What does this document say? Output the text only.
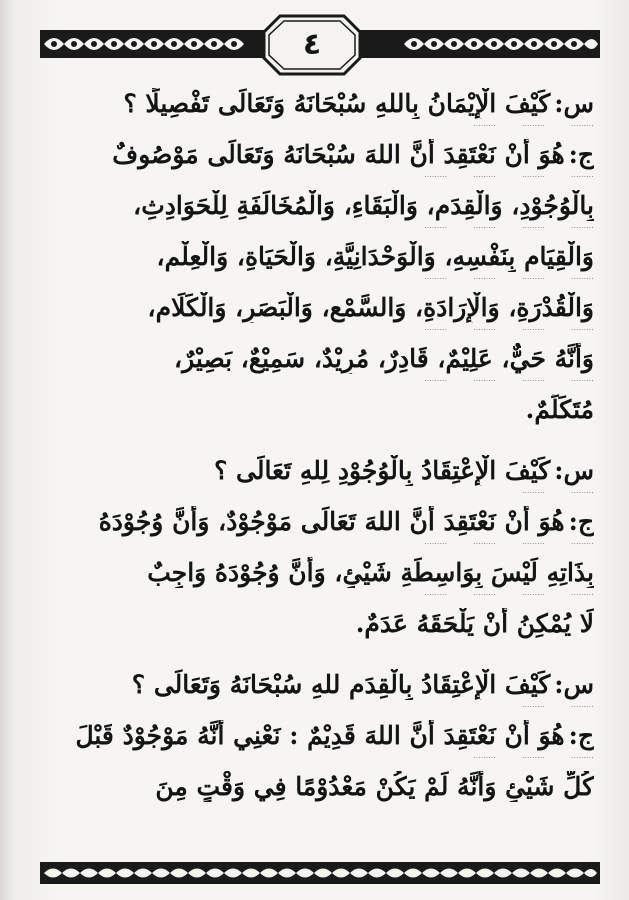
٤
س:كَيْفَ الْإِيْمَانُ بِاللهِ سُبْحَانَهُ وَتَعَالَى تَفْصِيلًا ؟
...........................
ج:هُوَ أَنْ نَعْتَقِدَ أَنَّ اللهَ سُبْحَانَهُ وَتَعَالَى مَوْصُوفٌ
....................................
بِالْوُجُوْدِ، وَالْقِدَمِ، وَالْبَقَاءِ، وَالْمُخَالَفَةِ لِلْحَوَادِثِ،
....................................
وَالْقِيَامِ بِنَفْسِهِ، وَالْوَحْدَانِيَّةِ، وَالْحَيَاةِ، وَالْعِلْمِ،
....................................
وَالْقُدْرَةِ، وَالْإِرَادَةِ، وَالسَّمْعِ، وَالْبَصَرِ، وَالْكَلَامِ،
....................................
وَأَنَّهُ حَيٌّ، عَلِيْمٌ، قَادِرٌ، مُرِيْدٌ، سَمِيْعٌ، بَصِيْرٌ،
....................................
مُتَكَلِّمٌ.
س:كَيْفَ الْإِعْتِقَادُ بِالْوُجُوْدِ لِلهِ تَعَالَى ؟
..................
ج:هُوَ أَنْ نَعْتَقِدَ أَنَّ اللهَ تَعَالَى مَوْجُوْدٌ، وَأَنَّ وُجُوْدَهُ
....................................
بِذَاتِهِ لَيْسَ بِوَاسِطَةِ شَيْئٍ، وَأَنَّ وُجُوْدَهُ وَاجِبٌ
....................................
لَا يُمْكِنُ أَنْ يَلْحَقَهُ عَدَمٌ.
س:كَيْفَ الْإِعْتِقَادُ بِالْقِدَمِ للهِ سُبْحَانَهُ وَتَعَالَى ؟
..................
ج:هُوَ أَنْ نَعْتَقِدَ أَنَّ اللهَ قَدِيْمٌ : نَعْنِي أَنَّهُ مَوْجُوْدٌ قَبْلَ
...........................
كُلِّ شَيْئٍ وَأَنَّهُ لَمْ يَكُنْ مَعْدُوْمًا فِي وَقْتٍ مِنَ
